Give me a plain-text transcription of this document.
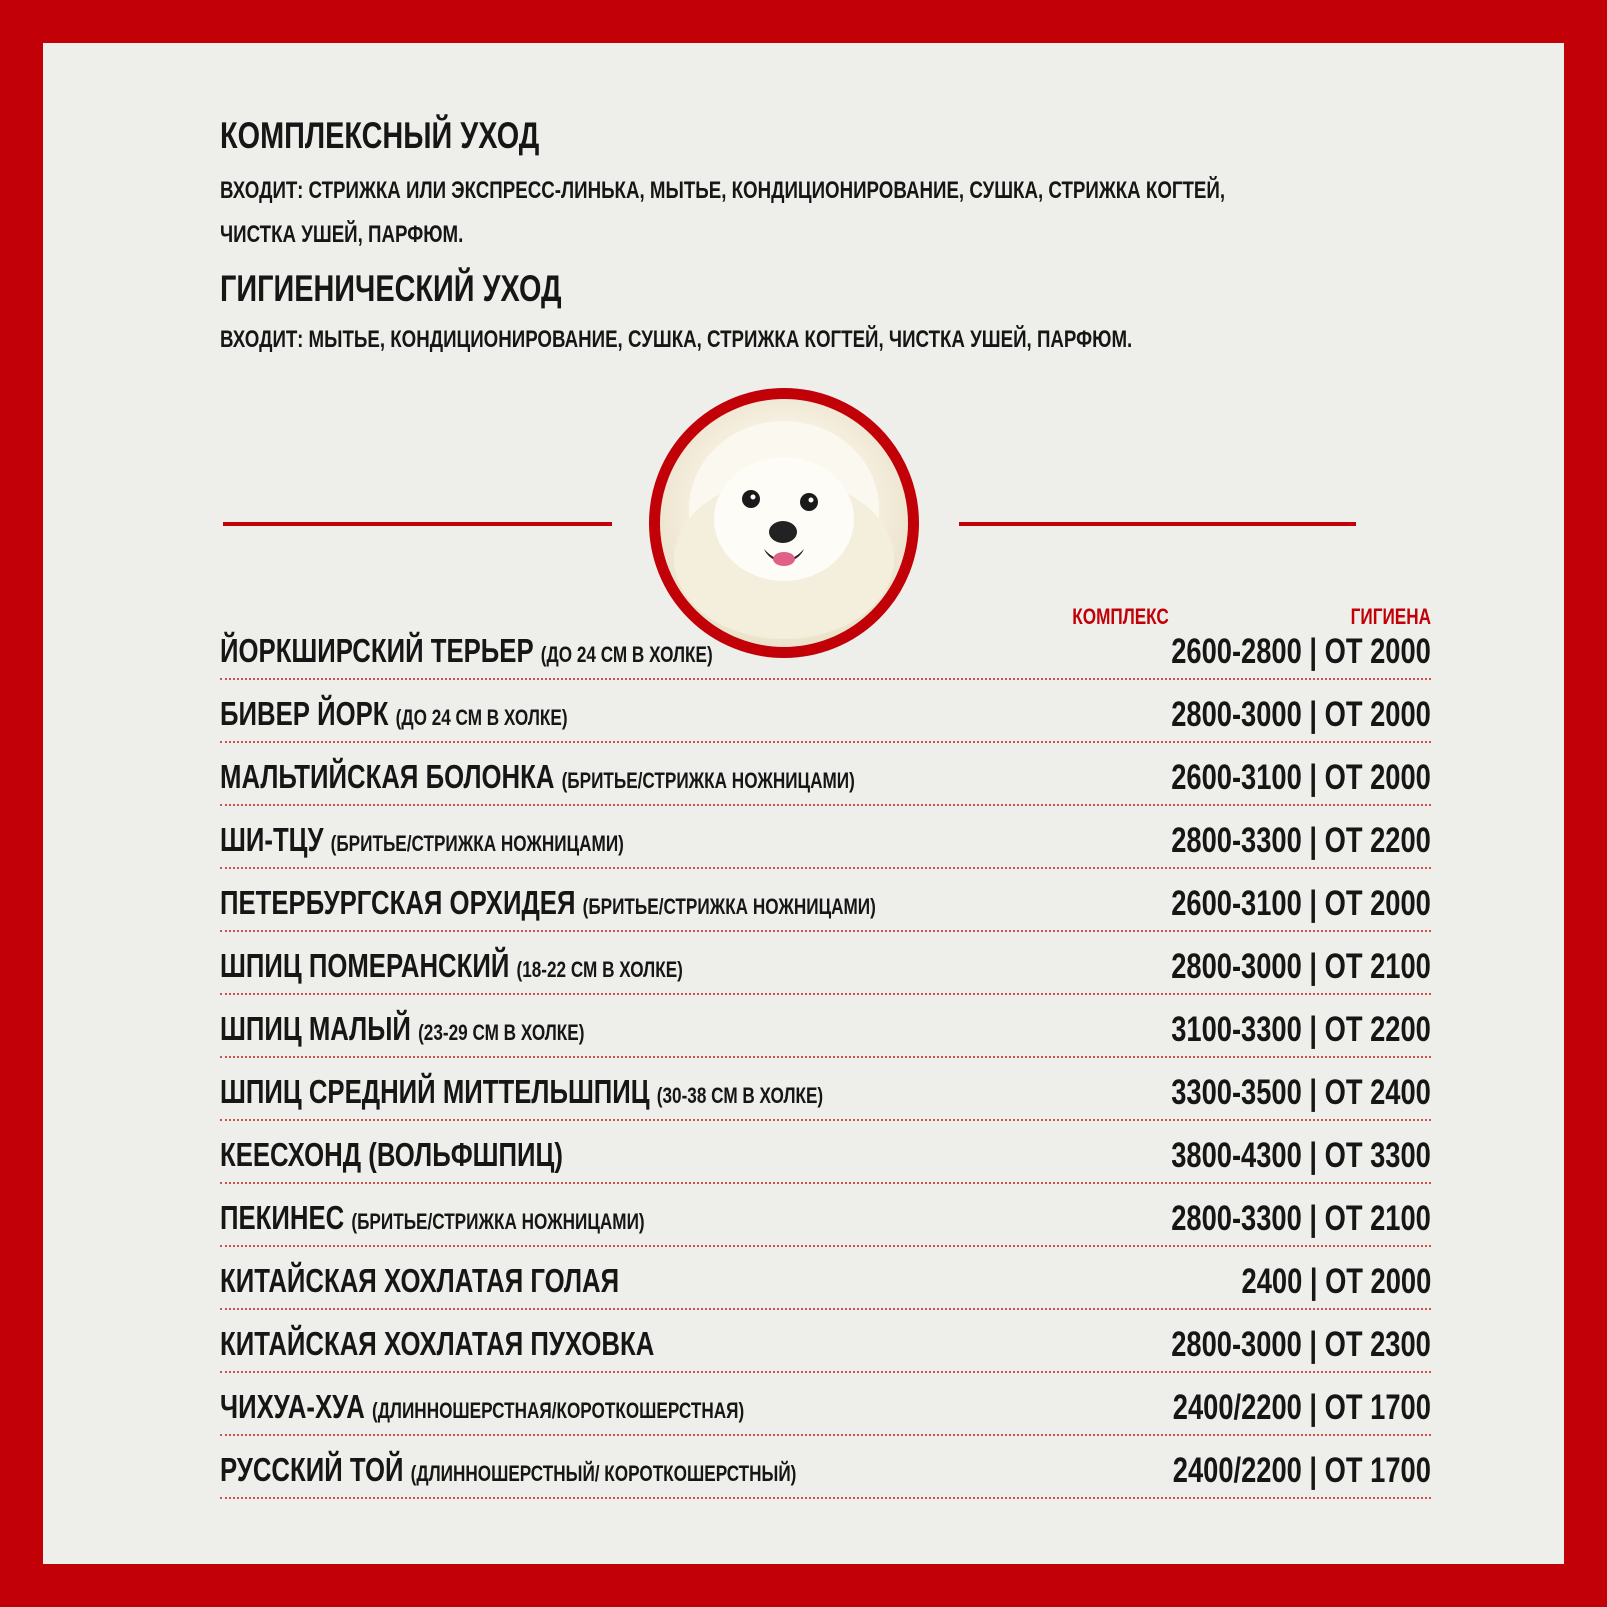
КОМПЛЕКСНЫЙ УХОД
ВХОДИТ: СТРИЖКА ИЛИ ЭКСПРЕСС-ЛИНЬКА, МЫТЬЕ, КОНДИЦИОНИРОВАНИЕ, СУШКА, СТРИЖКА КОГТЕЙ,
ЧИСТКА УШЕЙ, ПАРФЮМ.
ГИГИЕНИЧЕСКИЙ УХОД
ВХОДИТ: МЫТЬЕ, КОНДИЦИОНИРОВАНИЕ, СУШКА, СТРИЖКА КОГТЕЙ, ЧИСТКА УШЕЙ, ПАРФЮМ.
КОМПЛЕКС	ГИГИЕНА
ЙОРКШИРСКИЙ ТЕРЬЕР (ДО 24 СМ В ХОЛКЕ)	2600-2800 | ОТ 2000
БИВЕР ЙОРК (ДО 24 СМ В ХОЛКЕ)	2800-3000 | ОТ 2000
МАЛЬТИЙСКАЯ БОЛОНКА (БРИТЬЕ/СТРИЖКА НОЖНИЦАМИ)	2600-3100 | ОТ 2000
ШИ-ТЦУ (БРИТЬЕ/СТРИЖКА НОЖНИЦАМИ)	2800-3300 | ОТ 2200
ПЕТЕРБУРГСКАЯ ОРХИДЕЯ (БРИТЬЕ/СТРИЖКА НОЖНИЦАМИ)	2600-3100 | ОТ 2000
ШПИЦ ПОМЕРАНСКИЙ (18-22 СМ В ХОЛКЕ)	2800-3000 | ОТ 2100
ШПИЦ МАЛЫЙ (23-29 СМ В ХОЛКЕ)	3100-3300 | ОТ 2200
ШПИЦ СРЕДНИЙ МИТТЕЛЬШПИЦ (30-38 СМ В ХОЛКЕ)	3300-3500 | ОТ 2400
КЕЕСХОНД (ВОЛЬФШПИЦ)	3800-4300 | ОТ 3300
ПЕКИНЕС (БРИТЬЕ/СТРИЖКА НОЖНИЦАМИ)	2800-3300 | ОТ 2100
КИТАЙСКАЯ ХОХЛАТАЯ ГОЛАЯ	2400 | ОТ 2000
КИТАЙСКАЯ ХОХЛАТАЯ ПУХОВКА	2800-3000 | ОТ 2300
ЧИХУА-ХУА (ДЛИННОШЕРСТНАЯ/КОРОТКОШЕРСТНАЯ)	2400/2200 | ОТ 1700
РУССКИЙ ТОЙ (ДЛИННОШЕРСТНЫЙ/ КОРОТКОШЕРСТНЫЙ)	2400/2200 | ОТ 1700
